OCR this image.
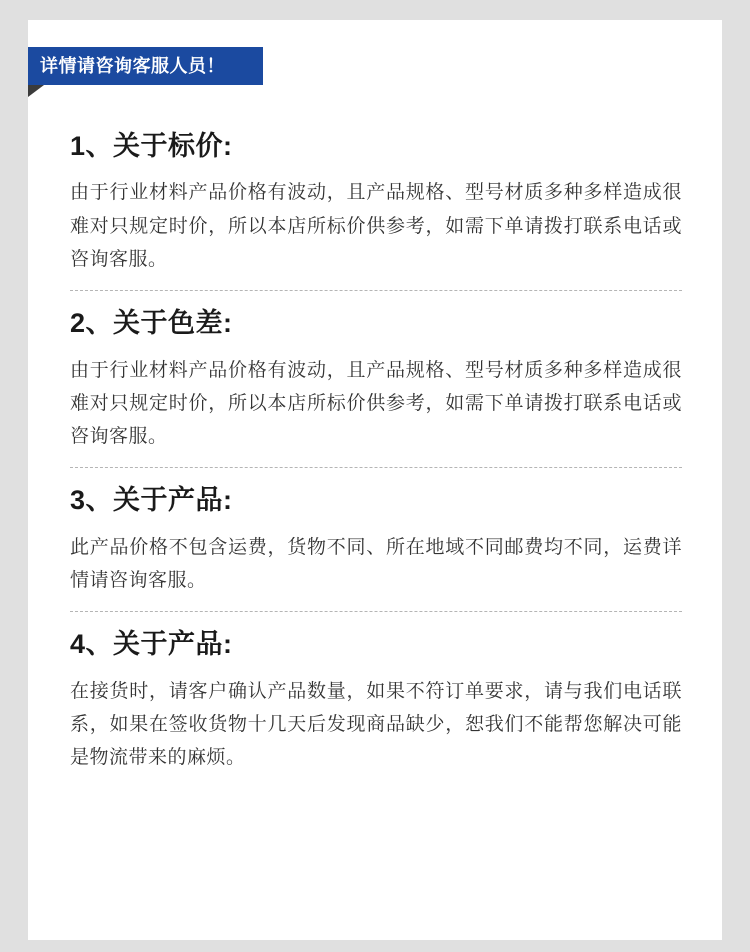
详情请咨询客服人员！
1、关于标价:

由于行业材料产品价格有波动，且产品规格、型号材质多种多样造成很难对只规定时价，所以本店所标价供参考，如需下单请拨打联系电话或咨询客服。

2、关于色差:

由于行业材料产品价格有波动，且产品规格、型号材质多种多样造成很难对只规定时价，所以本店所标价供参考，如需下单请拨打联系电话或咨询客服。

3、关于产品:

此产品价格不包含运费，货物不同、所在地域不同邮费均不同，运费详情请咨询客服。

4、关于产品:

在接货时，请客户确认产品数量，如果不符订单要求，请与我们电话联系，如果在签收货物十几天后发现商品缺少，恕我们不能帮您解决可能是物流带来的麻烦。
